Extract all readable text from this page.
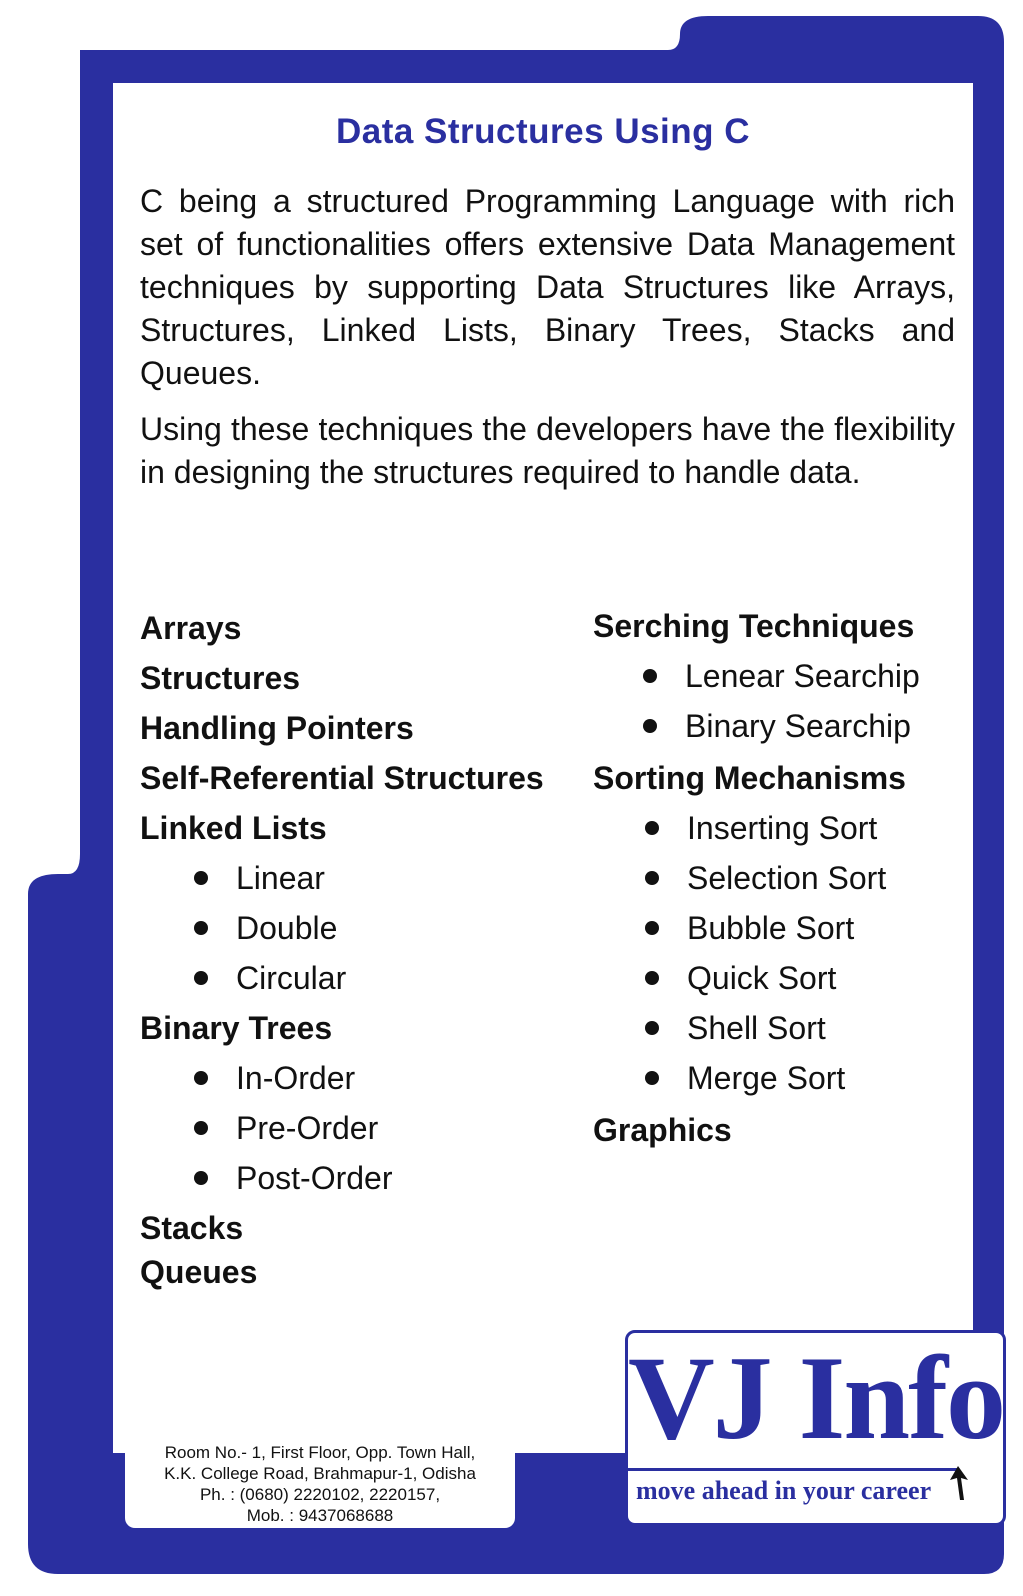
Data Structures Using C
C being a structured Programming Language with rich set of functionalities offers extensive Data Management techniques by supporting Data Structures like Arrays, Structures, Linked Lists, Binary Trees, Stacks and Queues.
Using these techniques the developers have the flexibility in designing the structures required to handle data.
Arrays
Structures
Handling Pointers
Self-Referential Structures
Linked Lists
Linear
Double
Circular
Binary Trees
In-Order
Pre-Order
Post-Order
Stacks
Queues
Serching Techniques
Lenear Searchip
Binary Searchip
Sorting Mechanisms
Inserting Sort
Selection Sort
Bubble Sort
Quick Sort
Shell Sort
Merge Sort
Graphics
Room No.- 1, First Floor, Opp. Town Hall,
K.K. College Road, Brahmapur-1, Odisha
Ph. : (0680) 2220102, 2220157,
Mob. : 9437068688
VJ Info
move ahead in your career
